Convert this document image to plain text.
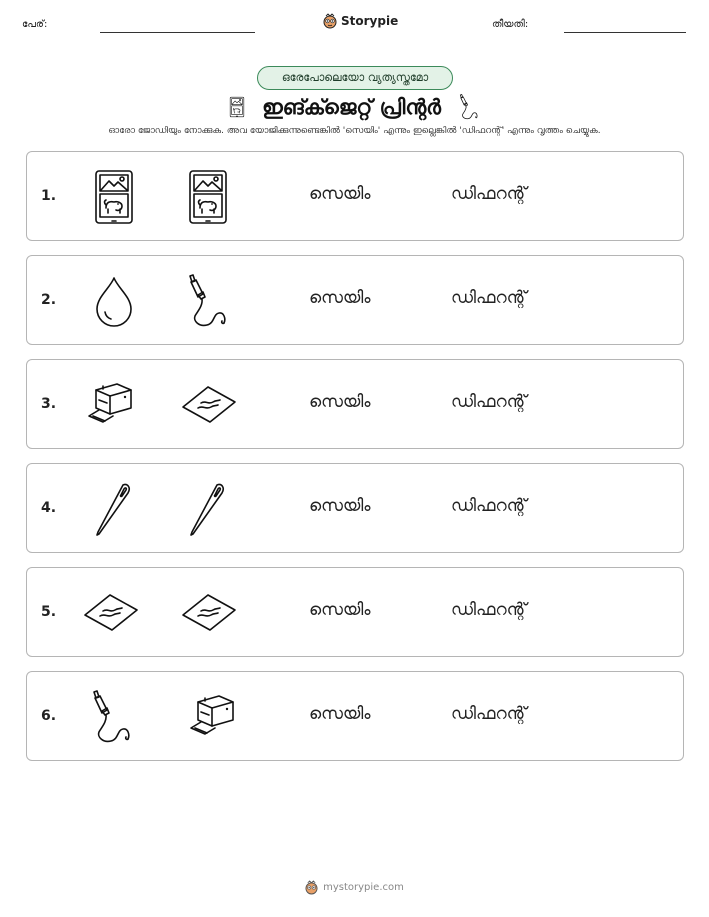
പേര്:	Storypie	തീയതി:
ഒരേപോലെയോ വ്യത്യസ്തമോ
ഇങ്ക്ജെറ്റ് പ്രിന്റർ
ഓരോ ജോഡിയും നോക്കുക. അവ യോജിക്കുന്നുണ്ടെങ്കിൽ 'സെയിം' എന്നും ഇല്ലെങ്കിൽ 'ഡിഫറന്റ്' എന്നും വൃത്തം ചെയ്യുക.
1.	സെയിം	ഡിഫറന്റ്
2.	സെയിം	ഡിഫറന്റ്
3.	സെയിം	ഡിഫറന്റ്
4.	സെയിം	ഡിഫറന്റ്
5.	സെയിം	ഡിഫറന്റ്
6.	സെയിം	ഡിഫറന്റ്
mystorypie.com
